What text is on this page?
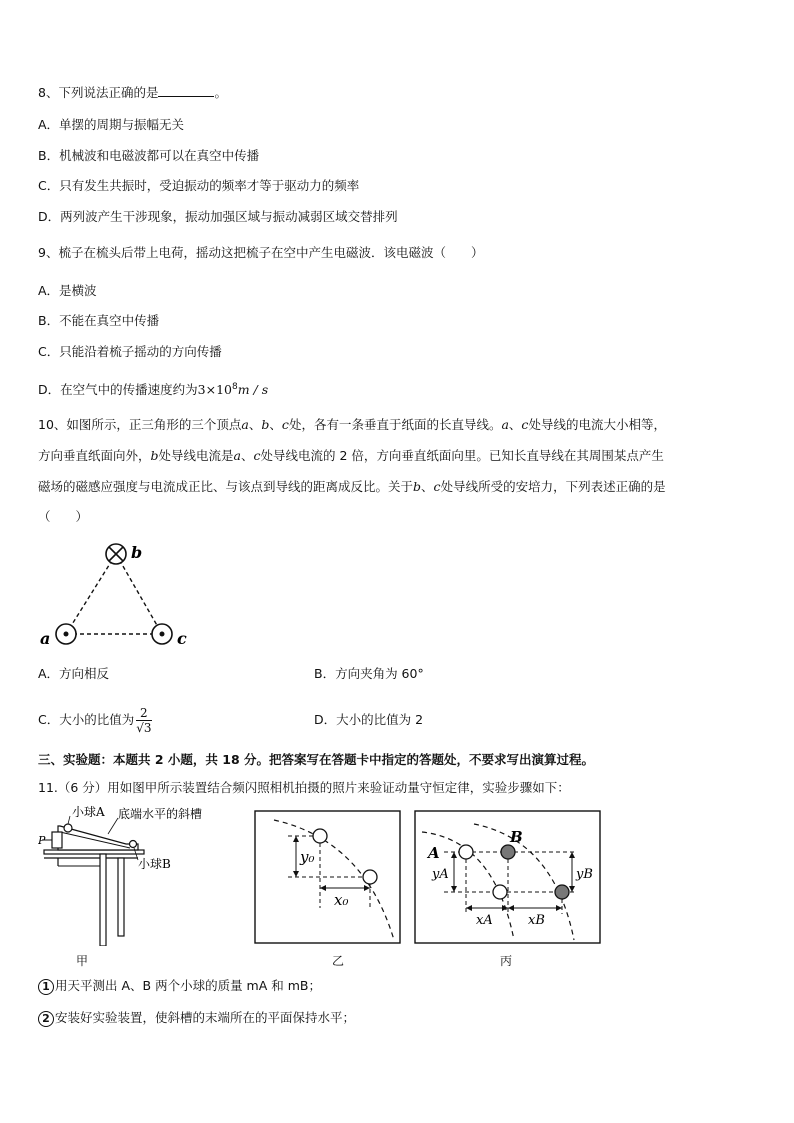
8、下列说法正确的是	。
A．单摆的周期与振幅无关
B．机械波和电磁波都可以在真空中传播
C．只有发生共振时，受迫振动的频率才等于驱动力的频率
D．两列波产生干涉现象，振动加强区域与振动减弱区域交替排列
9、梳子在梳头后带上电荷，摇动这把梳子在空中产生电磁波．该电磁波（　　）
A．是横波
B．不能在真空中传播
C．只能沿着梳子摇动的方向传播
D．在空气中的传播速度约为$3\times 10^8m / s$
10、如图所示，正三角形的三个顶点a、b、c处，各有一条垂直于纸面的长直导线。a、c处导线的电流大小相等，
方向垂直纸面向外，b处导线电流是a、c处导线电流的 2 倍，方向垂直纸面向里。已知长直导线在其周围某点产生
磁场的磁感应强度与电流成正比、与该点到导线的距离成反比。关于b、c处导线所受的安培力，下列表述正确的是
（　　）
b
a	c
A．方向相反	B．方向夹角为 60°
C．大小的比值为 $\frac{2}{√3}$	D．大小的比值为 2
三、实验题：本题共 2 小题，共 18 分。把答案写在答题卡中指定的答题处，不要求写出演算过程。
11.（6 分）用如图甲所示装置结合频闪照相机拍摄的照片来验证动量守恒定律，实验步骤如下：
小球A 底端水平的斜槽
小球B
P
甲
y₀
x₀
乙
A
B
yA	yB
xA	xB
丙
1 用天平测出 A、B 两个小球的质量 mA 和 mB；
2 安装好实验装置，使斜槽的末端所在的平面保持水平；
